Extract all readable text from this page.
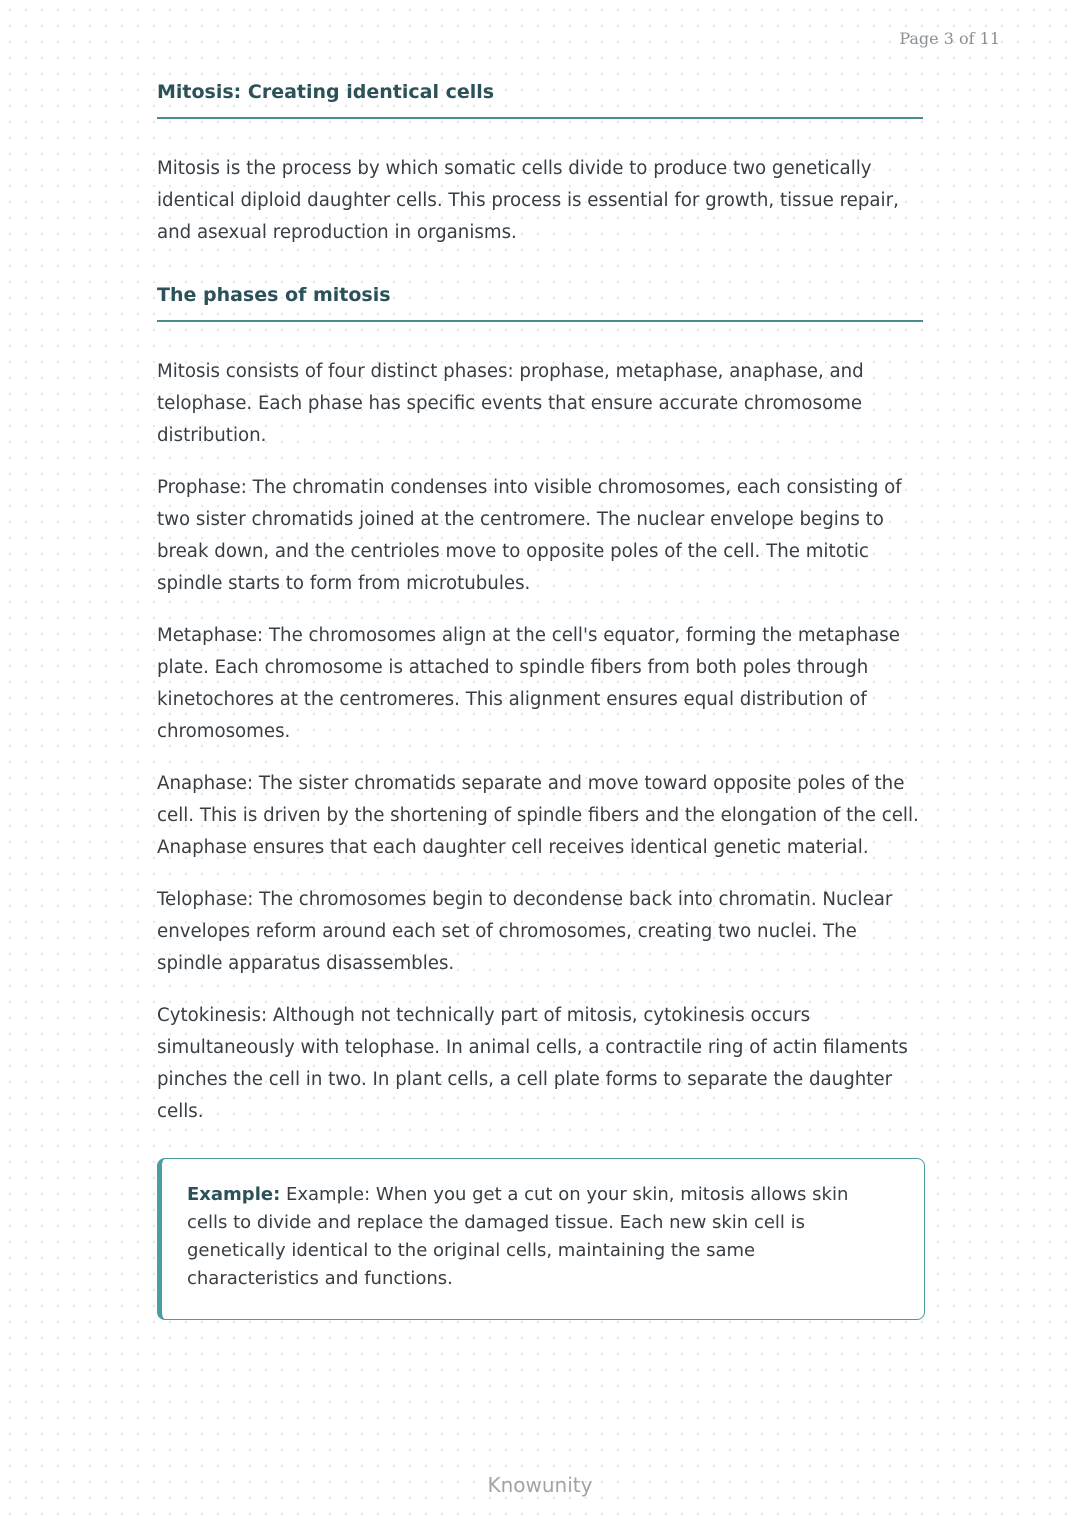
Page 3 of 11
Mitosis: Creating identical cells

Mitosis is the process by which somatic cells divide to produce two genetically identical diploid daughter cells. This process is essential for growth, tissue repair, and asexual reproduction in organisms.

The phases of mitosis

Mitosis consists of four distinct phases: prophase, metaphase, anaphase, and telophase. Each phase has specific events that ensure accurate chromosome distribution.

Prophase: The chromatin condenses into visible chromosomes, each consisting of two sister chromatids joined at the centromere. The nuclear envelope begins to break down, and the centrioles move to opposite poles of the cell. The mitotic spindle starts to form from microtubules.

Metaphase: The chromosomes align at the cell's equator, forming the metaphase plate. Each chromosome is attached to spindle fibers from both poles through kinetochores at the centromeres. This alignment ensures equal distribution of chromosomes.

Anaphase: The sister chromatids separate and move toward opposite poles of the cell. This is driven by the shortening of spindle fibers and the elongation of the cell. Anaphase ensures that each daughter cell receives identical genetic material.

Telophase: The chromosomes begin to decondense back into chromatin. Nuclear envelopes reform around each set of chromosomes, creating two nuclei. The spindle apparatus disassembles.

Cytokinesis: Although not technically part of mitosis, cytokinesis occurs simultaneously with telophase. In animal cells, a contractile ring of actin filaments pinches the cell in two. In plant cells, a cell plate forms to separate the daughter cells.

Example: Example: When you get a cut on your skin, mitosis allows skin cells to divide and replace the damaged tissue. Each new skin cell is genetically identical to the original cells, maintaining the same characteristics and functions.
Knowunity
